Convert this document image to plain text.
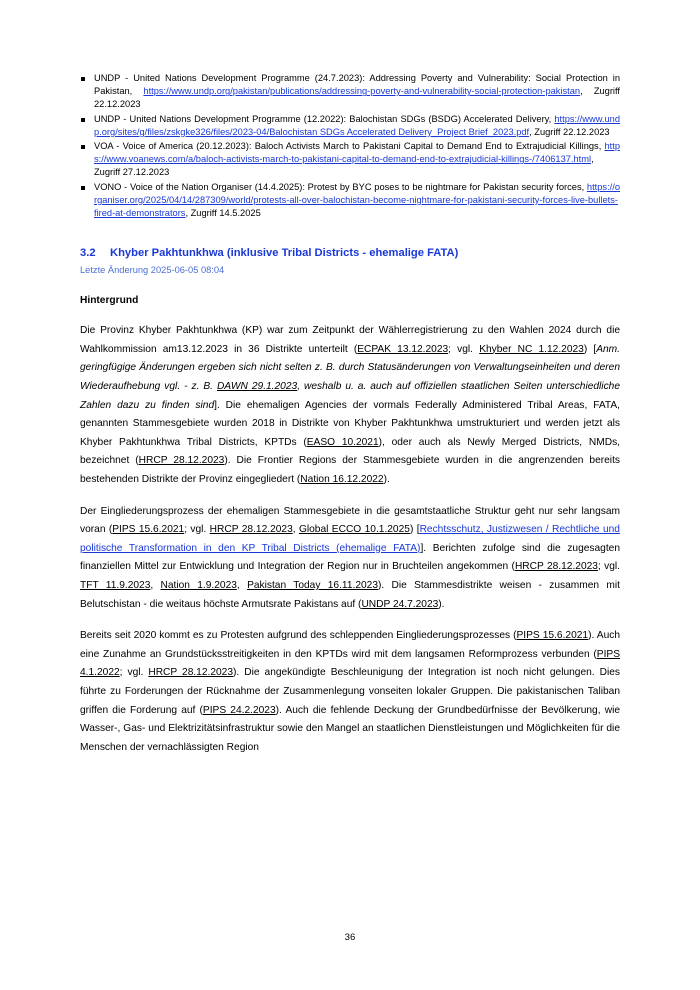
UNDP - United Nations Development Programme (24.7.2023): Addressing Poverty and Vulnerability: Social Protection in Pakistan, https://www.undp.org/pakistan/publications/addressing-poverty-and-vulnerability-social-protection-pakistan, Zugriff 22.12.2023
UNDP - United Nations Development Programme (12.2022): Balochistan SDGs (BSDG) Accelerated Delivery, https://www.undp.org/sites/g/files/zskgke326/files/2023-04/Balochistan SDGs Accelerated Delivery_Project Brief_2023.pdf, Zugriff 22.12.2023
VOA - Voice of America (20.12.2023): Baloch Activists March to Pakistani Capital to Demand End to Extrajudicial Killings, https://www.voanews.com/a/baloch-activists-march-to-pakistani-capital-to-demand-end-to-extrajudicial-killings-/7406137.html, Zugriff 27.12.2023
VONO - Voice of the Nation Organiser (14.4.2025): Protest by BYC poses to be nightmare for Pakistan security forces, https://organiser.org/2025/04/14/287309/world/protests-all-over-balochistan-become-nightmare-for-pakistani-security-forces-live-bullets-fired-at-demonstrators, Zugriff 14.5.2025
3.2 Khyber Pakhtunkhwa (inklusive Tribal Districts - ehemalige FATA)
Letzte Änderung 2025-06-05 08:04
Hintergrund

Die Provinz Khyber Pakhtunkhwa (KP) war zum Zeitpunkt der Wählerregistrierung zu den Wahlen 2024 durch die Wahlkommission am13.12.2023 in 36 Distrikte unterteilt (ECPAK 13.12.2023; vgl. Khyber NC 1.12.2023) [Anm. geringfügige Änderungen ergeben sich nicht selten z. B. durch Statusänderungen von Verwaltungseinheiten und deren Wiederaufhebung vgl. - z. B. DAWN 29.1.2023, weshalb u. a. auch auf offiziellen staatlichen Seiten unterschiedliche Zahlen dazu zu finden sind]. Die ehemaligen Agencies der vormals Federally Administered Tribal Areas, FATA, genannten Stammesgebiete wurden 2018 in Distrikte von Khyber Pakhtunkhwa umstrukturiert und werden jetzt als Khyber Pakhtunkhwa Tribal Districts, KPTDs (EASO 10.2021), oder auch als Newly Merged Districts, NMDs, bezeichnet (HRCP 28.12.2023). Die Frontier Regions der Stammesgebiete wurden in die angrenzenden bereits bestehenden Distrikte der Provinz eingegliedert (Nation 16.12.2022).

Der Eingliederungsprozess der ehemaligen Stammesgebiete in die gesamtstaatliche Struktur geht nur sehr langsam voran (PIPS 15.6.2021; vgl. HRCP 28.12.2023, Global ECCO 10.1.2025) [Rechtsschutz, Justizwesen / Rechtliche und politische Transformation in den KP Tribal Districts (ehemalige FATA)]. Berichten zufolge sind die zugesagten finanziellen Mittel zur Entwicklung und Integration der Region nur in Bruchteilen angekommen (HRCP 28.12.2023; vgl. TFT 11.9.2023, Nation 1.9.2023, Pakistan Today 16.11.2023). Die Stammesdistrikte weisen - zusammen mit Belutschistan - die weitaus höchste Armutsrate Pakistans auf (UNDP 24.7.2023).

Bereits seit 2020 kommt es zu Protesten aufgrund des schleppenden Eingliederungsprozesses (PIPS 15.6.2021). Auch eine Zunahme an Grundstücksstreitigkeiten in den KPTDs wird mit dem langsamen Reformprozess verbunden (PIPS 4.1.2022; vgl. HRCP 28.12.2023). Die angekündigte Beschleunigung der Integration ist noch nicht gelungen. Dies führte zu Forderungen der Rücknahme der Zusammenlegung vonseiten lokaler Gruppen. Die pakistanischen Taliban griffen die Forderung auf (PIPS 24.2.2023). Auch die fehlende Deckung der Grundbedürfnisse der Bevölkerung, wie Wasser-, Gas- und Elektrizitätsinfrastruktur sowie den Mangel an staatlichen Dienstleistungen und Möglichkeiten für die Menschen der vernachlässigten Region

36
